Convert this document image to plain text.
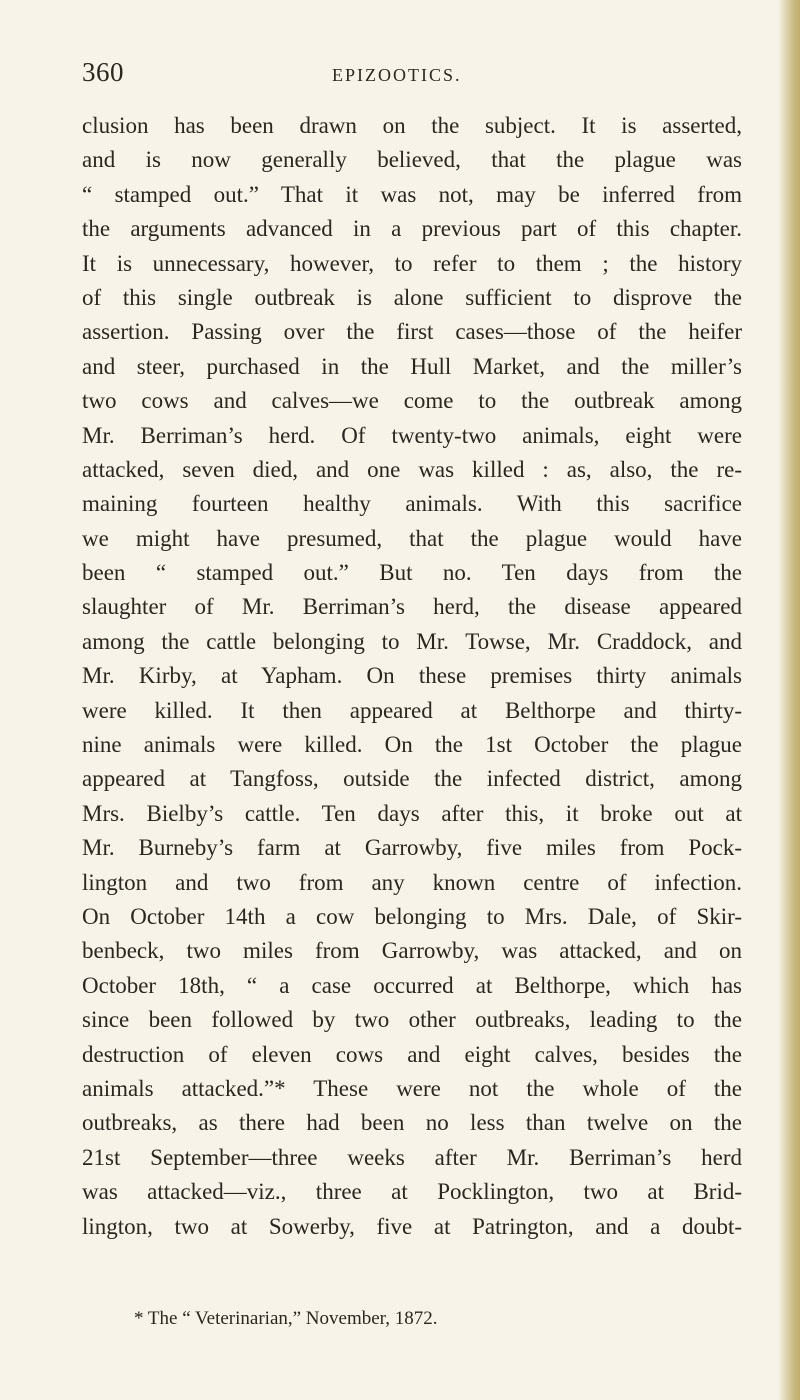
360	EPIZOOTICS.
clusion has been drawn on the subject. It is asserted,
and is now generally believed, that the plague was
“ stamped out.” That it was not, may be inferred from
the arguments advanced in a previous part of this chapter.
It is unnecessary, however, to refer to them ; the history
of this single outbreak is alone sufficient to disprove the
assertion. Passing over the first cases—those of the heifer
and steer, purchased in the Hull Market, and the miller’s
two cows and calves—we come to the outbreak among
Mr. Berriman’s herd. Of twenty-two animals, eight were
attacked, seven died, and one was killed : as, also, the re-
maining fourteen healthy animals. With this sacrifice
we might have presumed, that the plague would have
been “ stamped out.” But no. Ten days from the
slaughter of Mr. Berriman’s herd, the disease appeared
among the cattle belonging to Mr. Towse, Mr. Craddock, and
Mr. Kirby, at Yapham. On these premises thirty animals
were killed. It then appeared at Belthorpe and thirty-
nine animals were killed. On the 1st October the plague
appeared at Tangfoss, outside the infected district, among
Mrs. Bielby’s cattle. Ten days after this, it broke out at
Mr. Burneby’s farm at Garrowby, five miles from Pock-
lington and two from any known centre of infection.
On October 14th a cow belonging to Mrs. Dale, of Skir-
benbeck, two miles from Garrowby, was attacked, and on
October 18th, “ a case occurred at Belthorpe, which has
since been followed by two other outbreaks, leading to the
destruction of eleven cows and eight calves, besides the
animals attacked.”* These were not the whole of the
outbreaks, as there had been no less than twelve on the
21st September—three weeks after Mr. Berriman’s herd
was attacked—viz., three at Pocklington, two at Brid-
lington, two at Sowerby, five at Patrington, and a doubt-
* The “ Veterinarian,” November, 1872.
